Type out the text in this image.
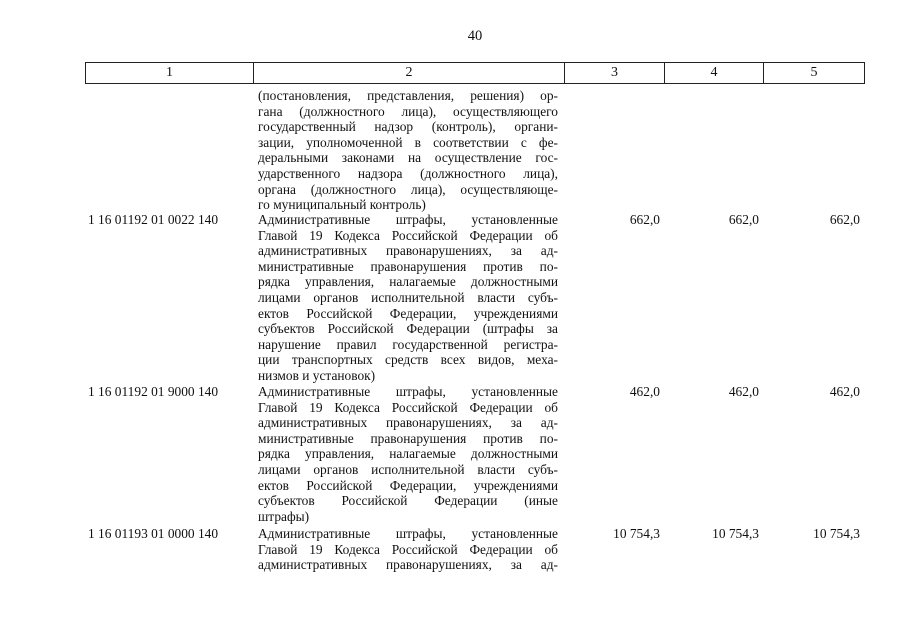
40
1	2	3	4	5
(постановления, представления, решения) ор-
гана (должностного лица), осуществляющего
государственный надзор (контроль), органи-
зации, уполномоченной в соответствии с фе-
деральными законами на осуществление гос-
ударственного надзора (должностного лица),
органа (должностного лица), осуществляюще-
го муниципальный контроль)
1 16 01192 01 0022 140	Административные штрафы, установленные
Главой 19 Кодекса Российской Федерации об
административных правонарушениях, за ад-
министративные правонарушения против по-
рядка управления, налагаемые должностными
лицами органов исполнительной власти субъ-
ектов Российской Федерации, учреждениями
субъектов Российской Федерации (штрафы за
нарушение правил государственной регистра-
ции транспортных средств всех видов, меха-
низмов и установок)
662,0	662,0	662,0
1 16 01192 01 9000 140	Административные штрафы, установленные
Главой 19 Кодекса Российской Федерации об
административных правонарушениях, за ад-
министративные правонарушения против по-
рядка управления, налагаемые должностными
лицами органов исполнительной власти субъ-
ектов Российской Федерации, учреждениями
субъектов Российской Федерации (иные
штрафы)
462,0	462,0	462,0
1 16 01193 01 0000 140	Административные штрафы, установленные
Главой 19 Кодекса Российской Федерации об
административных правонарушениях, за ад-
10 754,3	10 754,3	10 754,3
